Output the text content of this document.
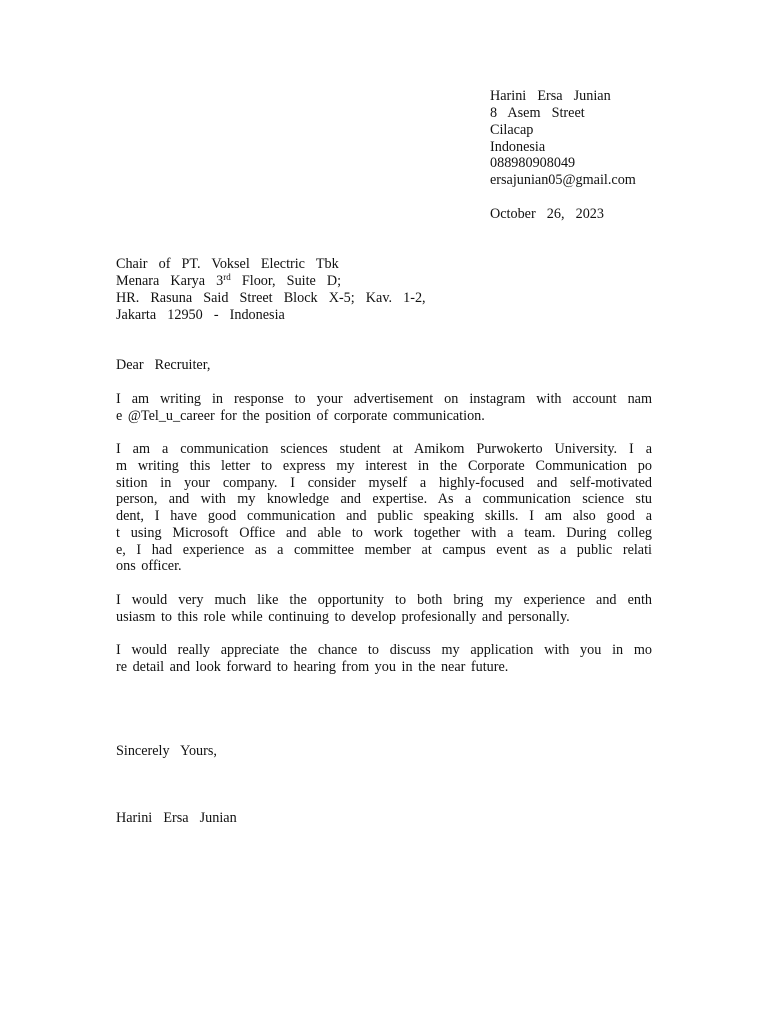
Harini  Ersa  Junian
8  Asem  Street
Cilacap
Indonesia
088980908049
ersajunian05@gmail.com
October  26,  2023
Chair  of  PT.  Voksel  Electric  Tbk
Menara  Karya  3rd  Floor,  Suite  D;
HR.  Rasuna  Said  Street  Block  X-5;  Kav.  1-2,
Jakarta  12950  -  Indonesia
Dear  Recruiter,
I am writing in response to your advertisement on instagram with account nam
e @Tel_u_career for the position of corporate communication.
I am a communication sciences student at Amikom Purwokerto University. I a
m writing this letter to express my interest in the Corporate Communication po
sition in your company. I consider myself a highly-focused and self-motivated
person, and with my knowledge and expertise. As a communication science stu
dent, I have good communication and public speaking skills. I am also good a
t using Microsoft Office and able to work together with a team. During colleg
e, I had experience as a committee member at campus event as a public relati
ons officer.
I would very much like the opportunity to both bring my experience and enth
usiasm to this role while continuing to develop profesionally and personally.
I would really appreciate the chance to discuss my application with you in mo
re detail and look forward to hearing from you in the near future.
Sincerely  Yours,
Harini  Ersa  Junian
